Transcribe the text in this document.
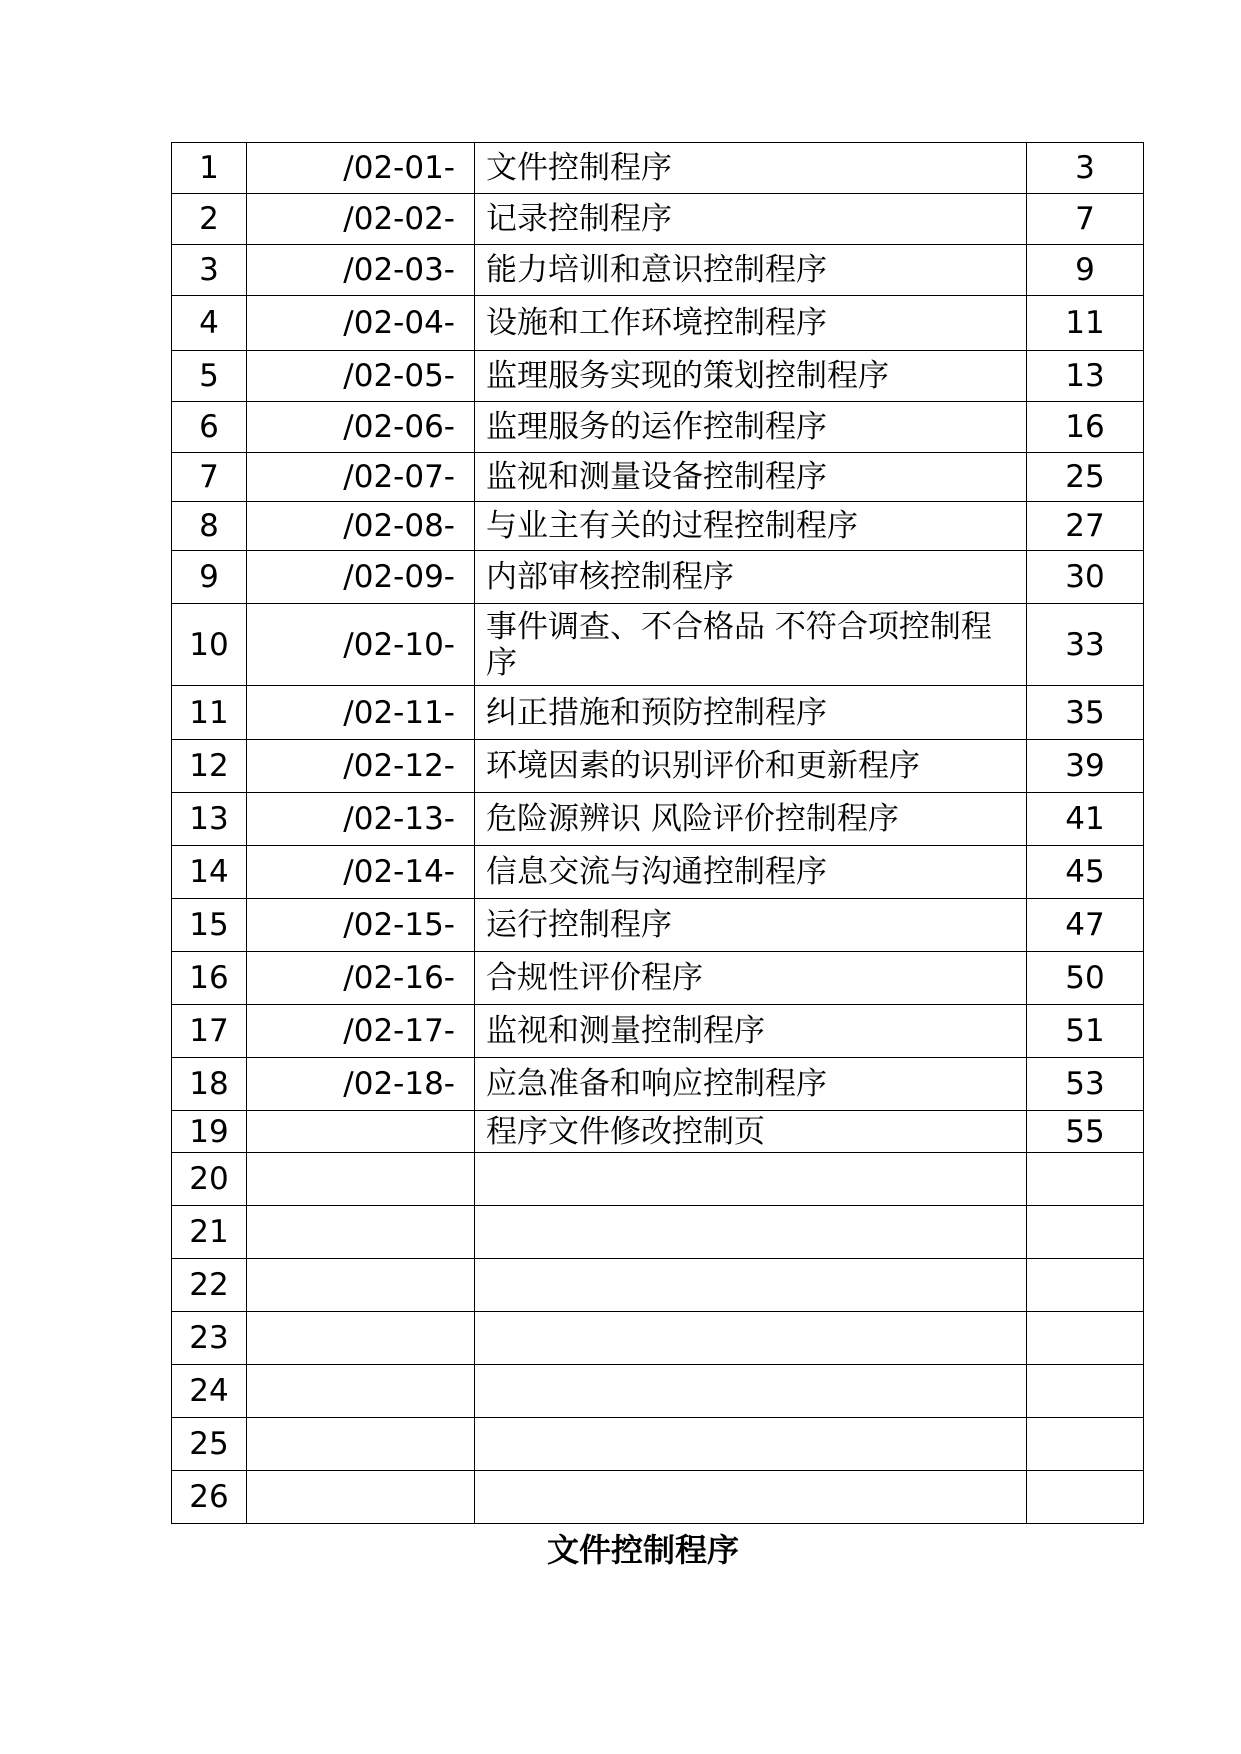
1	/02-01-	文件控制程序	3
2	/02-02-	记录控制程序	7
3	/02-03-	能力培训和意识控制程序	9
4	/02-04-	设施和工作环境控制程序	11
5	/02-05-	监理服务实现的策划控制程序	13
6	/02-06-	监理服务的运作控制程序	16
7	/02-07-	监视和测量设备控制程序	25
8	/02-08-	与业主有关的过程控制程序	27
9	/02-09-	内部审核控制程序	30
10	/02-10-	事件调查、不合格品 不符合项控制程序	33
11	/02-11-	纠正措施和预防控制程序	35
12	/02-12-	环境因素的识别评价和更新程序	39
13	/02-13-	危险源辨识 风险评价控制程序	41
14	/02-14-	信息交流与沟通控制程序	45
15	/02-15-	运行控制程序	47
16	/02-16-	合规性评价程序	50
17	/02-17-	监视和测量控制程序	51
18	/02-18-	应急准备和响应控制程序	53
19		程序文件修改控制页	55
20			
21			
22			
23			
24			
25			
26			
文件控制程序
